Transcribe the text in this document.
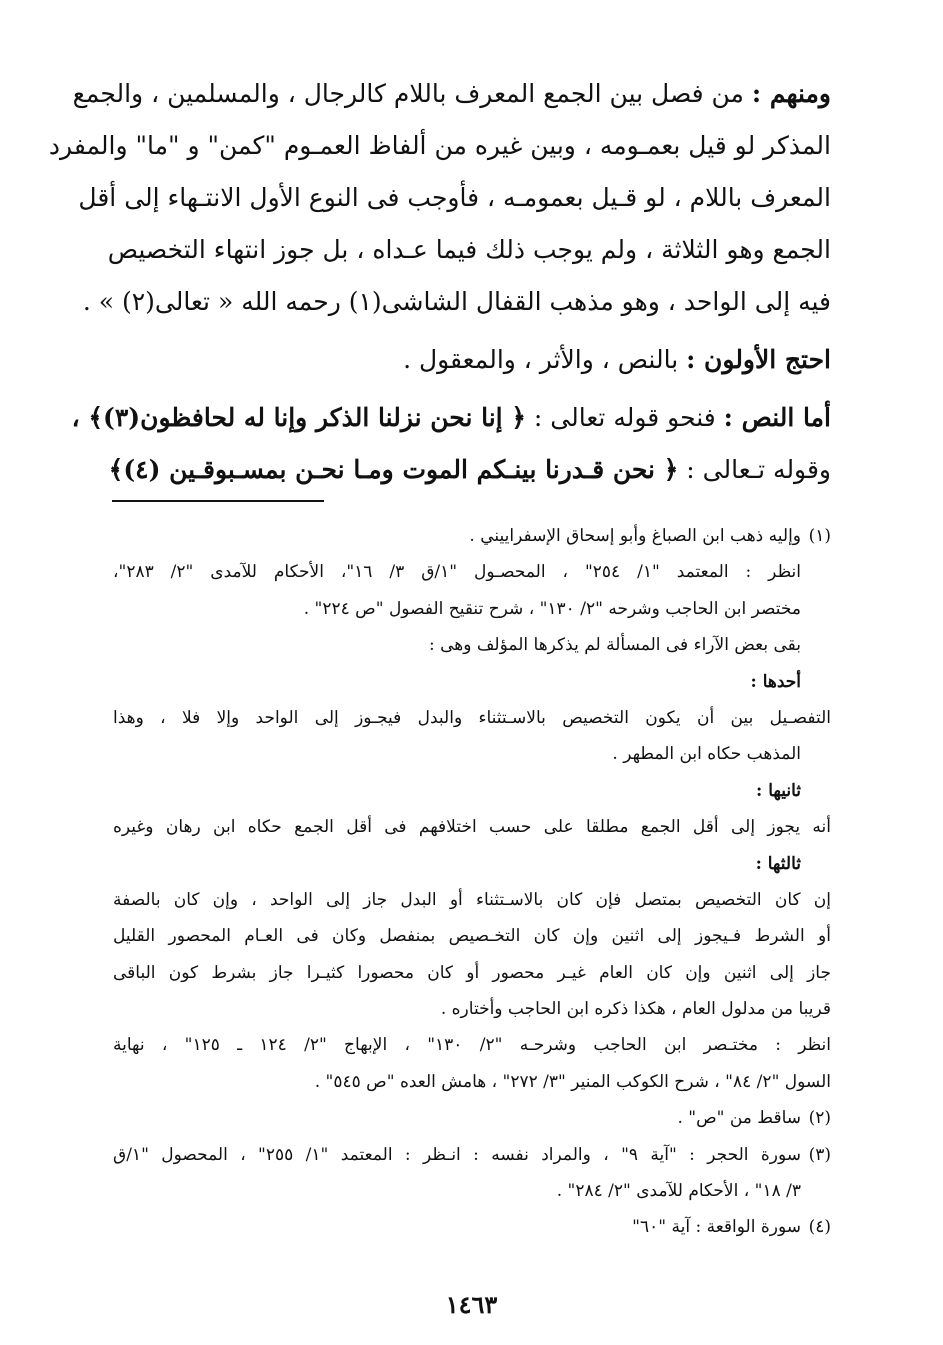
ومنهم : من فصل بين الجمع المعرف باللام كالرجال ، والمسلمين ، والجمع
المذكر لو قيل بعمـومه ، وبين غيره من ألفاظ العمـوم "كمن" و "ما" والمفرد
المعرف باللام ، لو قـيل بعمومـه ، فأوجب فى النوع الأول الانتـهاء إلى أقل
الجمع وهو الثلاثة ، ولم يوجب ذلك فيما عـداه ، بل جوز انتهاء التخصيص
فيه إلى الواحد ، وهو مذهب القفال الشاشى(١) رحمه الله « تعالى(٢) » .
احتج الأولون : بالنص ، والأثر ، والمعقول .
أما النص : فنحو قوله تعالى : ﴿ إنا نحن نزلنا الذكر وإنا له لحافظون(٣)﴾ ،
وقوله تـعالى : ﴿ نحن قـدرنا بينـكم الموت ومـا نحـن بمسـبوقـين (٤)﴾
(١)وإليه ذهب ابن الصباغ وأبو إسحاق الإسفراييني .
انظر : المعتمد "١/ ٢٥٤" ، المحصـول "١/ق ٣/ ١٦"، الأحكام للآمدى "٢/ ٢٨٣"،
مختصر ابن الحاجب وشرحه "٢/ ١٣٠" ، شرح تنقيح الفصول "ص ٢٢٤" .
بقى بعض الآراء فى المسألة لم يذكرها المؤلف وهى :
أحدها :
التفصـيل بين أن يكون التخصيص بالاسـتثناء والبدل فيجـوز إلى الواحد وإلا فلا ، وهذا
المذهب حكاه ابن المطهر .
ثانيها :
أنه يجوز إلى أقل الجمع مطلقا على حسب اختلافهم فى أقل الجمع حكاه ابن رهان وغيره
ثالثها :
إن كان التخصيص بمتصل فإن كان بالاسـتثناء أو البدل جاز إلى الواحد ، وإن كان بالصفة
أو الشرط فـيجوز إلى اثنين وإن كان التخـصيص بمنفصل وكان فى العـام المحصور القليل
جاز إلى اثنين وإن كان العام غيـر محصور أو كان محصورا كثيـرا جاز بشرط كون الباقى
قريبا من مدلول العام ، هكذا ذكره ابن الحاجب وأختاره .
انظر : مختـصر ابن الحاجب وشرحـه "٢/ ١٣٠" ، الإبهاج "٢/ ١٢٤ ـ ١٢٥" ، نهاية
السول "٢/ ٨٤" ، شرح الكوكب المنير "٣/ ٢٧٢" ، هامش العده "ص ٥٤٥" .
(٢)ساقط من "ص" .
(٣)سورة الحجر : "آية ٩" ، والمراد نفسه : انـظر : المعتمد "١/ ٢٥٥" ، المحصول "١/ق
٣/ ١٨" ، الأحكام للآمدى "٢/ ٢٨٤" .
(٤)سورة الواقعة : آية "٦٠"
١٤٦٣
